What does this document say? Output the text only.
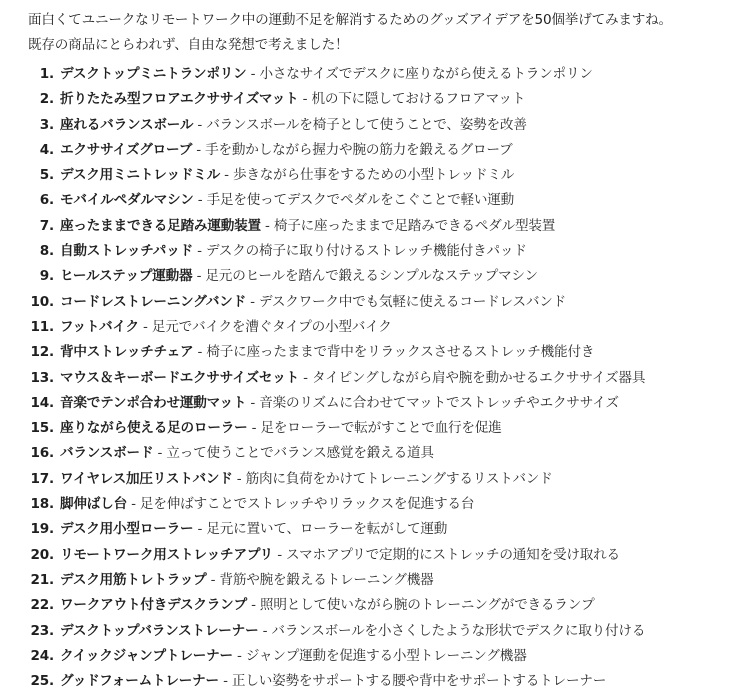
面白くてユニークなリモートワーク中の運動不足を解消するためのグッズアイデアを50個挙げてみますね。

既存の商品にとらわれず、自由な発想で考えました！

1. デスクトップミニトランポリン - 小さなサイズでデスクに座りながら使えるトランポリン
2. 折りたたみ型フロアエクササイズマット - 机の下に隠しておけるフロアマット
3. 座れるバランスボール - バランスボールを椅子として使うことで、姿勢を改善
4. エクササイズグローブ - 手を動かしながら握力や腕の筋力を鍛えるグローブ
5. デスク用ミニトレッドミル - 歩きながら仕事をするための小型トレッドミル
6. モバイルペダルマシン - 手足を使ってデスクでペダルをこぐことで軽い運動
7. 座ったままできる足踏み運動装置 - 椅子に座ったままで足踏みできるペダル型装置
8. 自動ストレッチパッド - デスクの椅子に取り付けるストレッチ機能付きパッド
9. ヒールステップ運動器 - 足元のヒールを踏んで鍛えるシンプルなステップマシン
10. コードレストレーニングバンド - デスクワーク中でも気軽に使えるコードレスバンド
11. フットバイク - 足元でバイクを漕ぐタイプの小型バイク
12. 背中ストレッチチェア - 椅子に座ったままで背中をリラックスさせるストレッチ機能付き
13. マウス＆キーボードエクササイズセット - タイピングしながら肩や腕を動かせるエクササイズ器具
14. 音楽でテンポ合わせ運動マット - 音楽のリズムに合わせてマットでストレッチやエクササイズ
15. 座りながら使える足のローラー - 足をローラーで転がすことで血行を促進
16. バランスボード - 立って使うことでバランス感覚を鍛える道具
17. ワイヤレス加圧リストバンド - 筋肉に負荷をかけてトレーニングするリストバンド
18. 脚伸ばし台 - 足を伸ばすことでストレッチやリラックスを促進する台
19. デスク用小型ローラー - 足元に置いて、ローラーを転がして運動
20. リモートワーク用ストレッチアプリ - スマホアプリで定期的にストレッチの通知を受け取れる
21. デスク用筋トレトラップ - 背筋や腕を鍛えるトレーニング機器
22. ワークアウト付きデスクランプ - 照明として使いながら腕のトレーニングができるランプ
23. デスクトップバランストレーナー - バランスボールを小さくしたような形状でデスクに取り付ける
24. クイックジャンプトレーナー - ジャンプ運動を促進する小型トレーニング機器
25. グッドフォームトレーナー - 正しい姿勢をサポートする腰や背中をサポートするトレーナー
